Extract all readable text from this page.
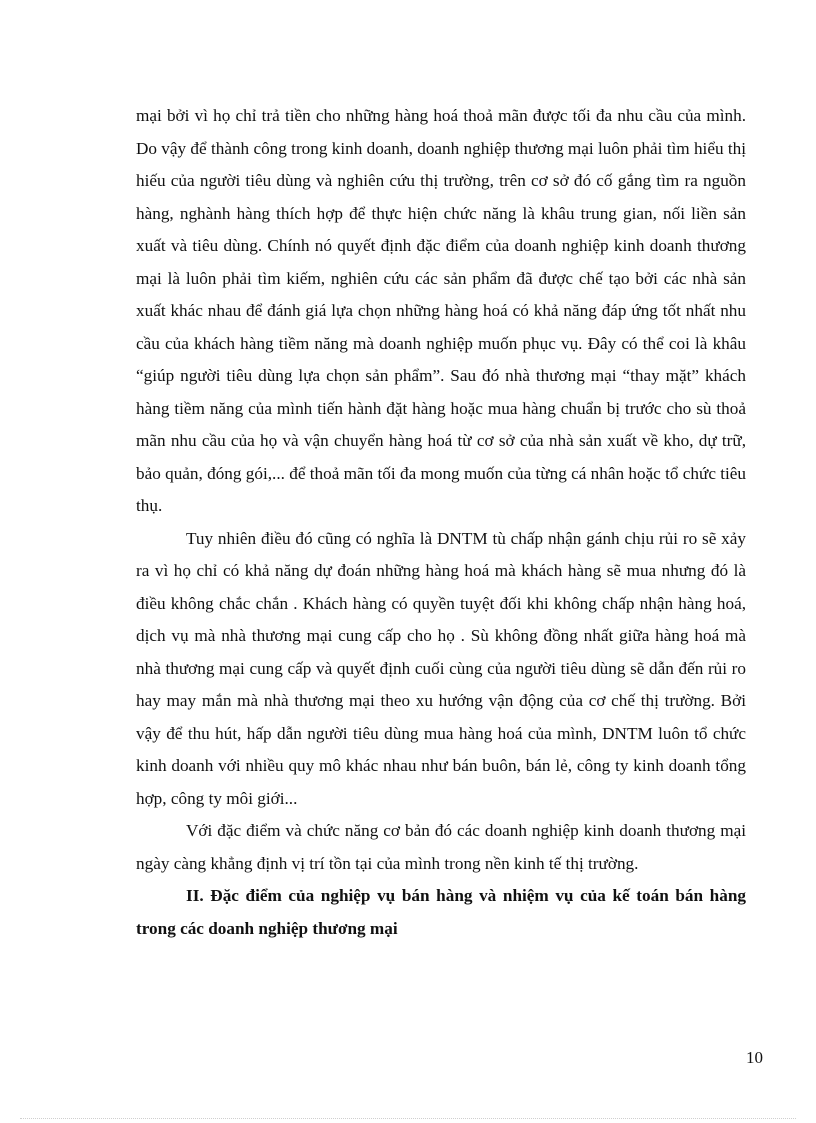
mại bởi vì họ chỉ trả tiền cho những hàng hoá thoả mãn được tối đa nhu cầu của mình. Do vậy để thành công trong kinh doanh, doanh nghiệp thương mại luôn phải tìm hiểu thị hiếu của người tiêu dùng và nghiên cứu thị trường, trên cơ sở đó cố gắng tìm ra nguồn hàng, nghành hàng thích hợp để thực hiện chức năng là khâu trung gian, nối liền sản xuất và tiêu dùng. Chính nó quyết định đặc điểm của doanh nghiệp kinh doanh thương mại là luôn phải tìm kiếm, nghiên cứu các sản phẩm đã được chế tạo bởi các nhà sản xuất khác nhau để đánh giá lựa chọn những hàng hoá có khả năng đáp ứng tốt nhất nhu cầu của khách hàng tiềm năng mà doanh nghiệp muốn phục vụ. Đây có thể coi là khâu “giúp người tiêu dùng lựa chọn sản phẩm”. Sau đó nhà thương mại “thay mặt” khách hàng tiềm năng của mình tiến hành đặt hàng hoặc mua hàng chuẩn bị trước cho sù thoả mãn nhu cầu của họ và vận chuyển hàng hoá từ cơ sở của nhà sản xuất về kho, dự trữ, bảo quản, đóng gói,... để thoả mãn tối đa mong muốn của từng cá nhân hoặc tổ chức tiêu thụ.

Tuy nhiên điều đó cũng có nghĩa là DNTM tù chấp nhận gánh chịu rủi ro sẽ xảy ra vì họ chỉ có khả năng dự đoán những hàng hoá mà khách hàng sẽ mua nhưng đó là điều không chắc chắn . Khách hàng có quyền tuyệt đối khi không chấp nhận hàng hoá, dịch vụ mà nhà thương mại cung cấp cho họ . Sù không đồng nhất giữa hàng hoá mà nhà thương mại cung cấp và quyết định cuối cùng của người tiêu dùng sẽ dẫn đến rủi ro hay may mắn mà nhà thương mại theo xu hướng vận động của cơ chế thị trường. Bởi vậy để thu hút, hấp dẫn người tiêu dùng mua hàng hoá của mình, DNTM luôn tổ chức kinh doanh với nhiều quy mô khác nhau như bán buôn, bán lẻ, công ty kinh doanh tổng hợp, công ty môi giới...

Với đặc điểm và chức năng cơ bản đó các doanh nghiệp kinh doanh thương mại ngày càng khẳng định vị trí tồn tại của mình trong nền kinh tế thị trường.

II. Đặc điểm của nghiệp vụ bán hàng và nhiệm vụ của kế toán bán hàng trong các doanh nghiệp thương mại

10
